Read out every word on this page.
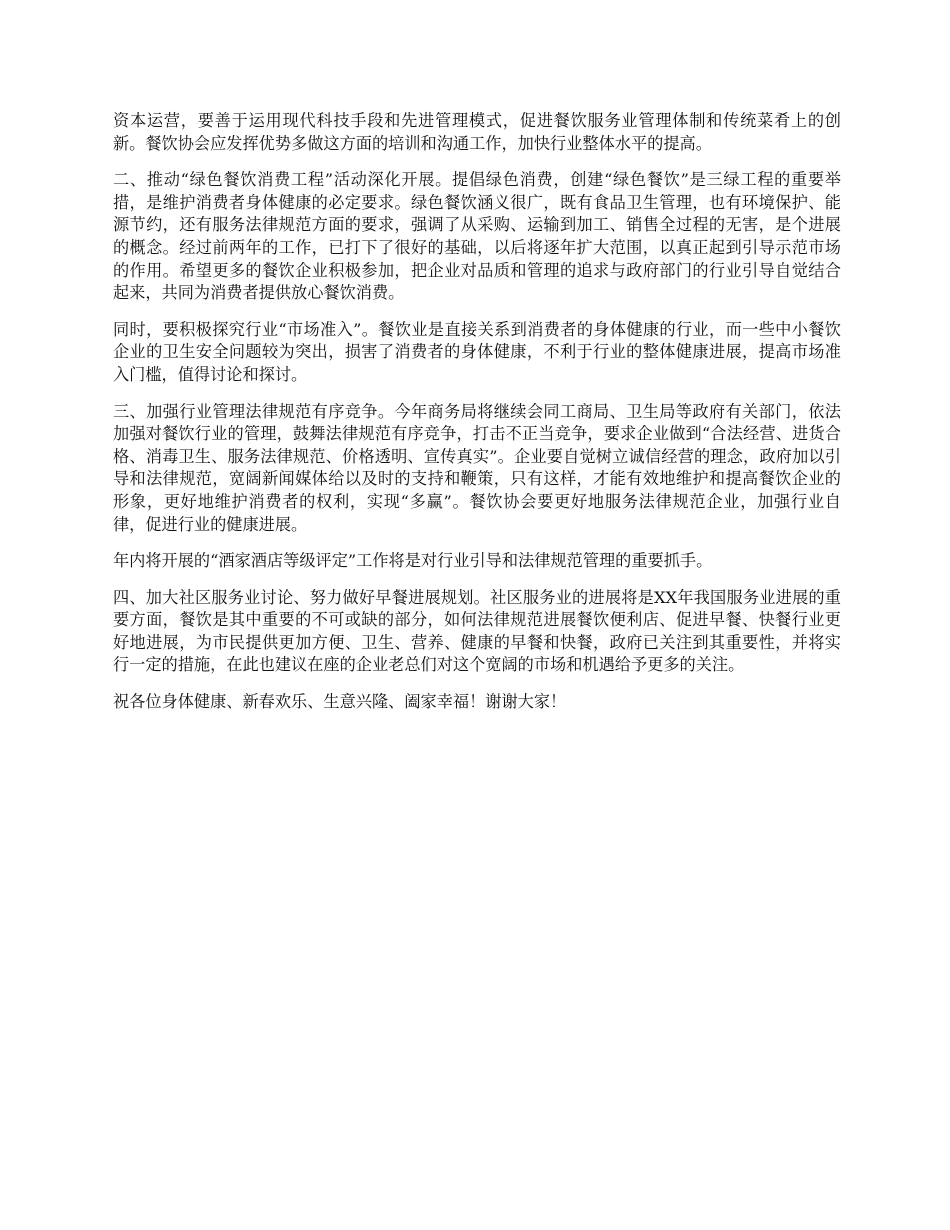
资本运营，要善于运用现代科技手段和先进管理模式，促进餐饮服务业管理体制和传统菜肴上的创新。餐饮协会应发挥优势多做这方面的培训和沟通工作，加快行业整体水平的提高。

二、推动“绿色餐饮消费工程”活动深化开展。提倡绿色消费，创建“绿色餐饮”是三绿工程的重要举措，是维护消费者身体健康的必定要求。绿色餐饮涵义很广，既有食品卫生管理，也有环境保护、能源节约，还有服务法律规范方面的要求，强调了从采购、运输到加工、销售全过程的无害，是个进展的概念。经过前两年的工作，已打下了很好的基础，以后将逐年扩大范围，以真正起到引导示范市场的作用。希望更多的餐饮企业积极参加，把企业对品质和管理的追求与政府部门的行业引导自觉结合起来，共同为消费者提供放心餐饮消费。

同时，要积极探究行业“市场准入”。餐饮业是直接关系到消费者的身体健康的行业，而一些中小餐饮企业的卫生安全问题较为突出，损害了消费者的身体健康，不利于行业的整体健康进展，提高市场准入门槛，值得讨论和探讨。

三、加强行业管理法律规范有序竞争。今年商务局将继续会同工商局、卫生局等政府有关部门，依法加强对餐饮行业的管理，鼓舞法律规范有序竞争，打击不正当竞争，要求企业做到“合法经营、进货合格、消毒卫生、服务法律规范、价格透明、宣传真实”。企业要自觉树立诚信经营的理念，政府加以引导和法律规范，宽阔新闻媒体给以及时的支持和鞭策，只有这样，才能有效地维护和提高餐饮企业的形象，更好地维护消费者的权利，实现“多赢”。餐饮协会要更好地服务法律规范企业，加强行业自律，促进行业的健康进展。

年内将开展的“酒家酒店等级评定”工作将是对行业引导和法律规范管理的重要抓手。

四、加大社区服务业讨论、努力做好早餐进展规划。社区服务业的进展将是XX年我国服务业进展的重要方面，餐饮是其中重要的不可或缺的部分，如何法律规范进展餐饮便利店、促进早餐、快餐行业更好地进展，为市民提供更加方便、卫生、营养、健康的早餐和快餐，政府已关注到其重要性，并将实行一定的措施，在此也建议在座的企业老总们对这个宽阔的市场和机遇给予更多的关注。

祝各位身体健康、新春欢乐、生意兴隆、阖家幸福！谢谢大家！
